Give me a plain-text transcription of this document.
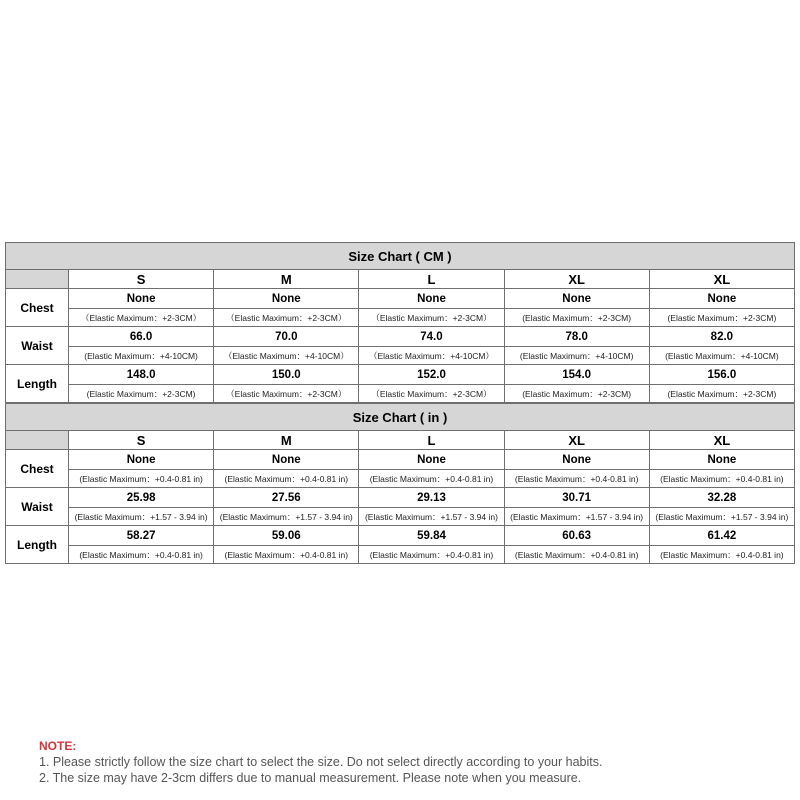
Size Chart ( CM )					
	S	M	L	XL	XL
Chest	None	None	None	None	None
	（Elastic Maximum：+2-3CM）	（Elastic Maximum：+2-3CM）	（Elastic Maximum：+2-3CM）	(Elastic Maximum：+2-3CM)	(Elastic Maximum：+2-3CM)
Waist	66.0	70.0	74.0	78.0	82.0
	(Elastic Maximum：+4-10CM)	（Elastic Maximum：+4-10CM）	（Elastic Maximum：+4-10CM）	(Elastic Maximum：+4-10CM)	(Elastic Maximum：+4-10CM)
Length	148.0	150.0	152.0	154.0	156.0
	(Elastic Maximum：+2-3CM)	（Elastic Maximum：+2-3CM）	（Elastic Maximum：+2-3CM）	(Elastic Maximum：+2-3CM)	(Elastic Maximum：+2-3CM)
Size Chart ( in )					
	S	M	L	XL	XL
Chest	None	None	None	None	None
	(Elastic Maximum：+0.4-0.81 in)	(Elastic Maximum：+0.4-0.81 in)	(Elastic Maximum：+0.4-0.81 in)	(Elastic Maximum：+0.4-0.81 in)	(Elastic Maximum：+0.4-0.81 in)
Waist	25.98	27.56	29.13	30.71	32.28
	(Elastic Maximum：+1.57 - 3.94 in)	(Elastic Maximum：+1.57 - 3.94 in)	(Elastic Maximum：+1.57 - 3.94 in)	(Elastic Maximum：+1.57 - 3.94 in)	(Elastic Maximum：+1.57 - 3.94 in)
Length	58.27	59.06	59.84	60.63	61.42
	(Elastic Maximum：+0.4-0.81 in)	(Elastic Maximum：+0.4-0.81 in)	(Elastic Maximum：+0.4-0.81 in)	(Elastic Maximum：+0.4-0.81 in)	(Elastic Maximum：+0.4-0.81 in)
NOTE:
1. Please strictly follow the size chart to select the size. Do not select directly according to your habits.
2. The size may have 2-3cm differs due to manual measurement. Please note when you measure.
